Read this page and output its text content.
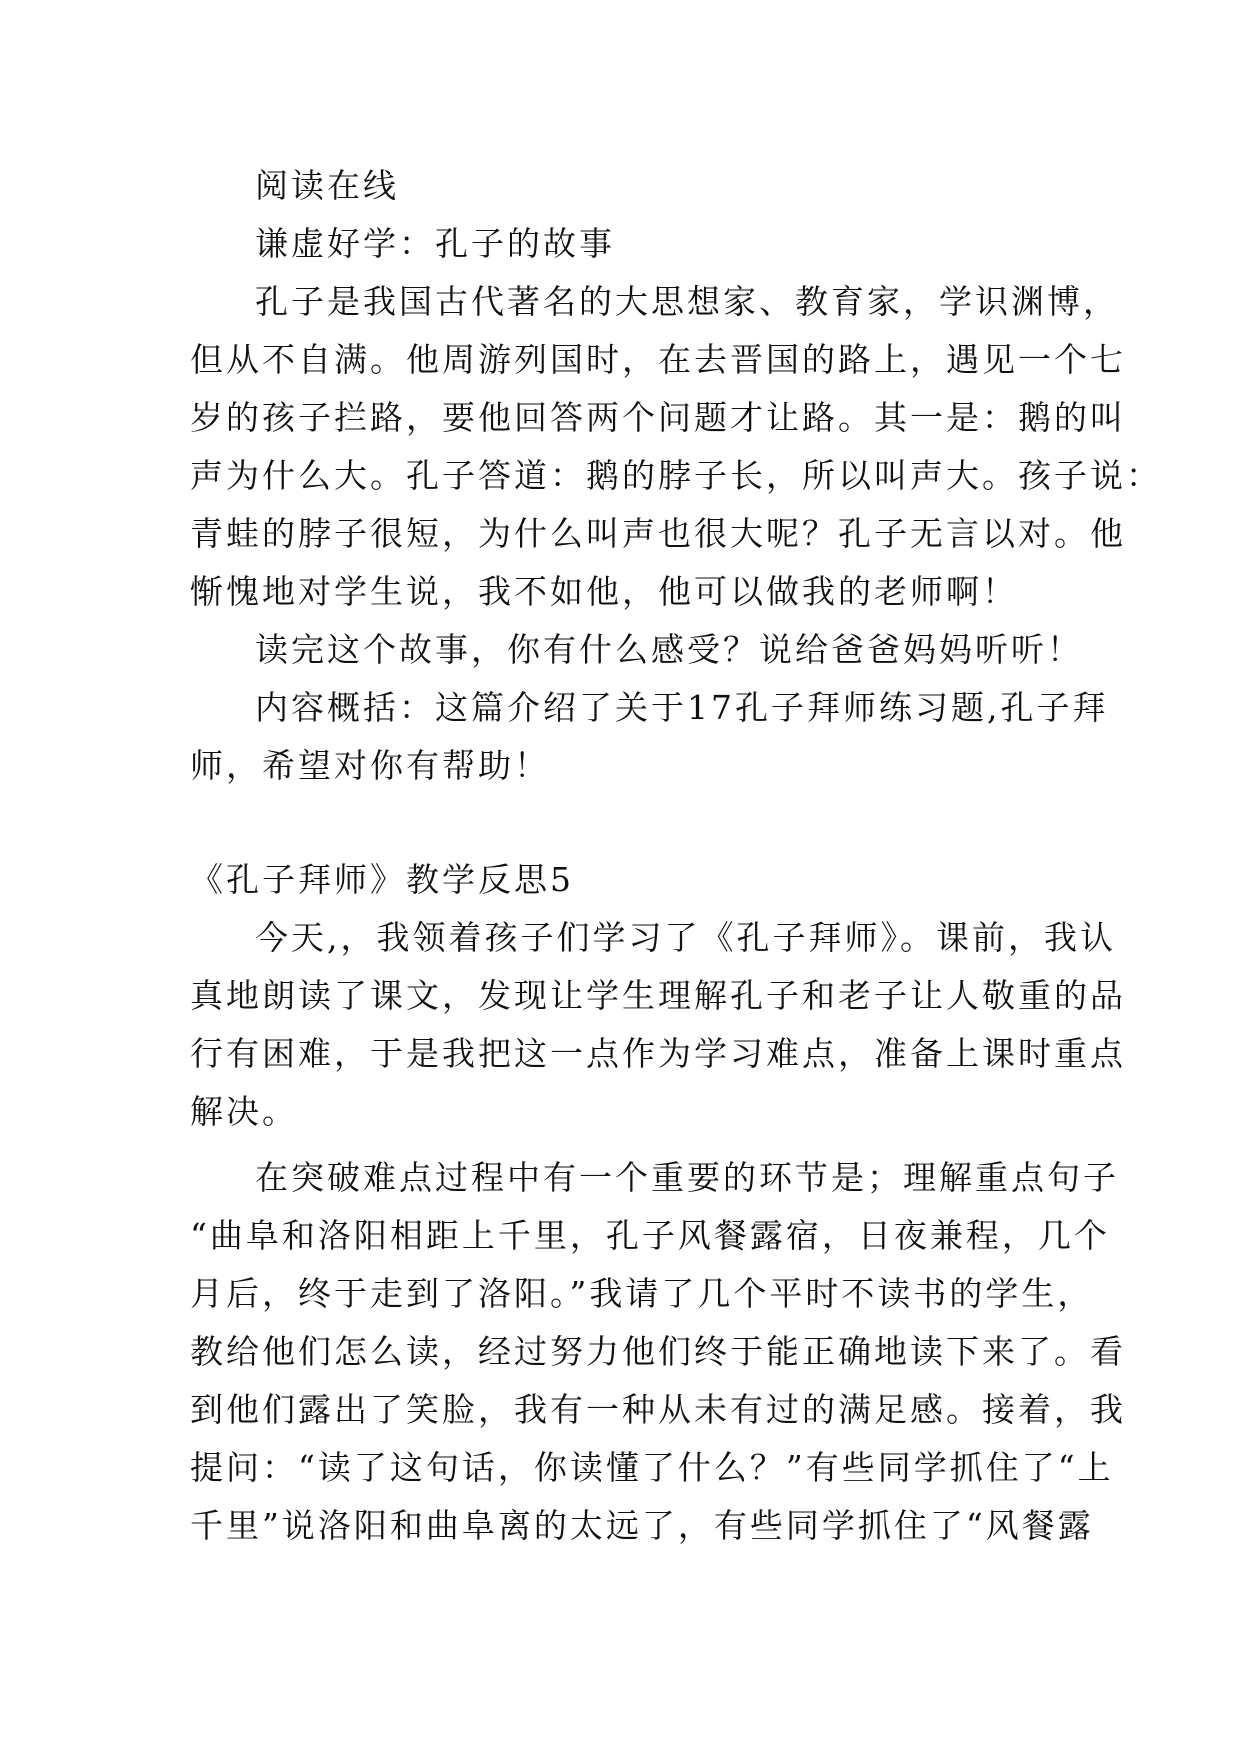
阅读在线
谦虚好学：孔子的故事
孔子是我国古代著名的大思想家、教育家，学识渊博，
但从不自满。他周游列国时，在去晋国的路上，遇见一个七
岁的孩子拦路，要他回答两个问题才让路。其一是：鹅的叫
声为什么大。孔子答道：鹅的脖子长，所以叫声大。孩子说：
青蛙的脖子很短，为什么叫声也很大呢？孔子无言以对。他
惭愧地对学生说，我不如他，他可以做我的老师啊！
读完这个故事，你有什么感受？说给爸爸妈妈听听！
内容概括：这篇介绍了关于17孔子拜师练习题,孔子拜
师，希望对你有帮助！
《孔子拜师》教学反思5
今天,，我领着孩子们学习了《孔子拜师》。课前，我认
真地朗读了课文，发现让学生理解孔子和老子让人敬重的品
行有困难，于是我把这一点作为学习难点，准备上课时重点
解决。
在突破难点过程中有一个重要的环节是；理解重点句子
“曲阜和洛阳相距上千里，孔子风餐露宿，日夜兼程，几个
月后，终于走到了洛阳。”我请了几个平时不读书的学生，
教给他们怎么读，经过努力他们终于能正确地读下来了。看
到他们露出了笑脸，我有一种从未有过的满足感。接着，我
提问：“读了这句话，你读懂了什么？”有些同学抓住了“上
千里”说洛阳和曲阜离的太远了，有些同学抓住了“风餐露
